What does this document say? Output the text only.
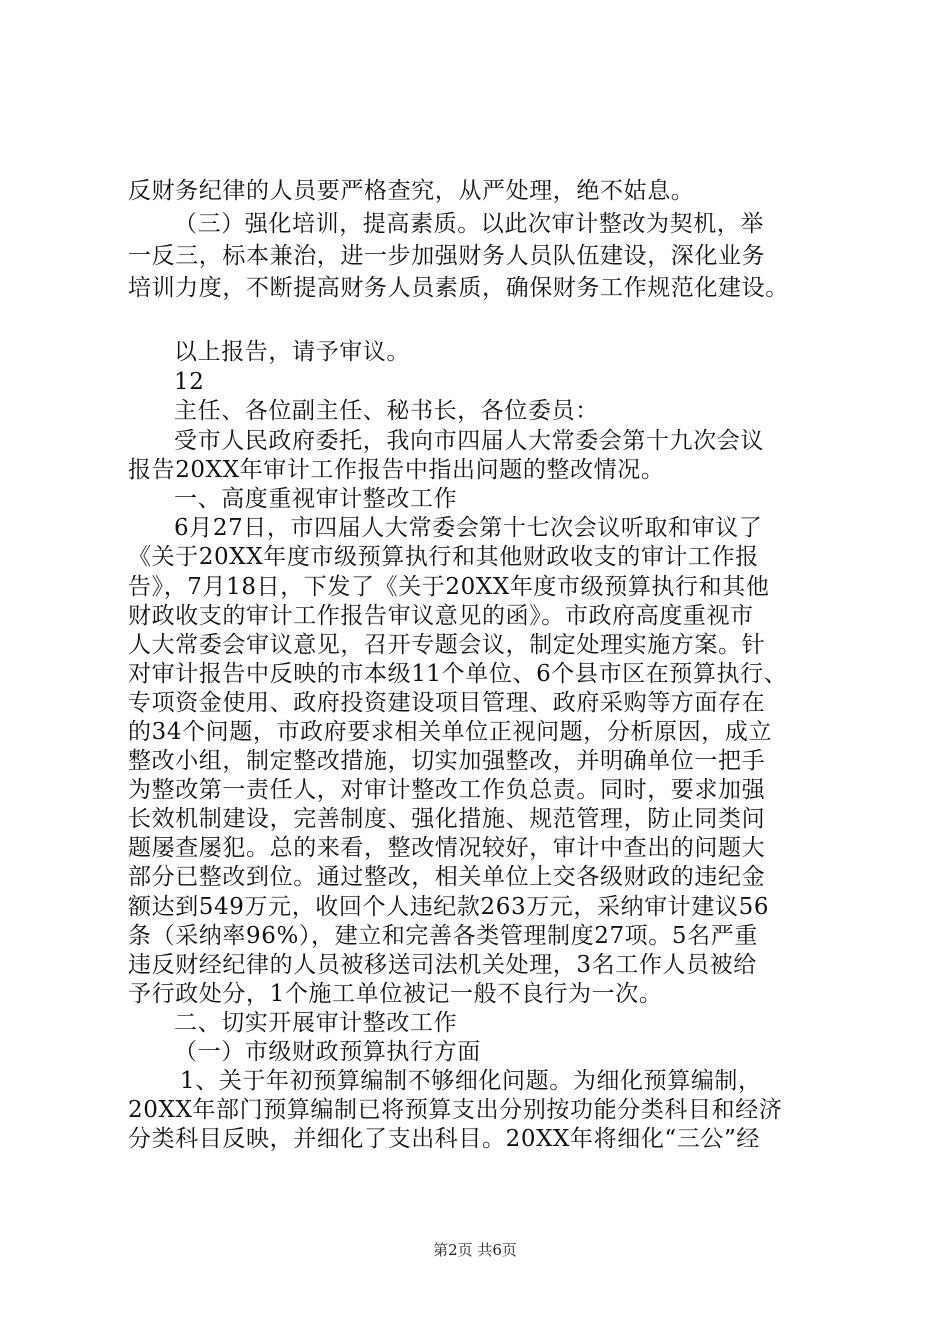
反财务纪律的人员要严格查究，从严处理，绝不姑息。
（三）强化培训，提高素质。以此次审计整改为契机，举
一反三，标本兼治，进一步加强财务人员队伍建设，深化业务
培训力度，不断提高财务人员素质，确保财务工作规范化建设。
以上报告，请予审议。
12
主任、各位副主任、秘书长，各位委员：
受市人民政府委托，我向市四届人大常委会第十九次会议
报告20XX年审计工作报告中指出问题的整改情况。
一、高度重视审计整改工作
6月27日，市四届人大常委会第十七次会议听取和审议了
《关于20XX年度市级预算执行和其他财政收支的审计工作报
告》，7月18日，下发了《关于20XX年度市级预算执行和其他
财政收支的审计工作报告审议意见的函》。市政府高度重视市
人大常委会审议意见，召开专题会议，制定处理实施方案。针
对审计报告中反映的市本级11个单位、6个县市区在预算执行、
专项资金使用、政府投资建设项目管理、政府采购等方面存在
的34个问题，市政府要求相关单位正视问题，分析原因，成立
整改小组，制定整改措施，切实加强整改，并明确单位一把手
为整改第一责任人，对审计整改工作负总责。同时，要求加强
长效机制建设，完善制度、强化措施、规范管理，防止同类问
题屡查屡犯。总的来看，整改情况较好，审计中查出的问题大
部分已整改到位。通过整改，相关单位上交各级财政的违纪金
额达到549万元，收回个人违纪款263万元，采纳审计建议56
条（采纳率96%），建立和完善各类管理制度27项。5名严重
违反财经纪律的人员被移送司法机关处理，3名工作人员被给
予行政处分，1个施工单位被记一般不良行为一次。
二、切实开展审计整改工作
（一）市级财政预算执行方面
1、关于年初预算编制不够细化问题。为细化预算编制，
20XX年部门预算编制已将预算支出分别按功能分类科目和经济
分类科目反映，并细化了支出科目。20XX年将细化“三公”经
第2页 共6页
